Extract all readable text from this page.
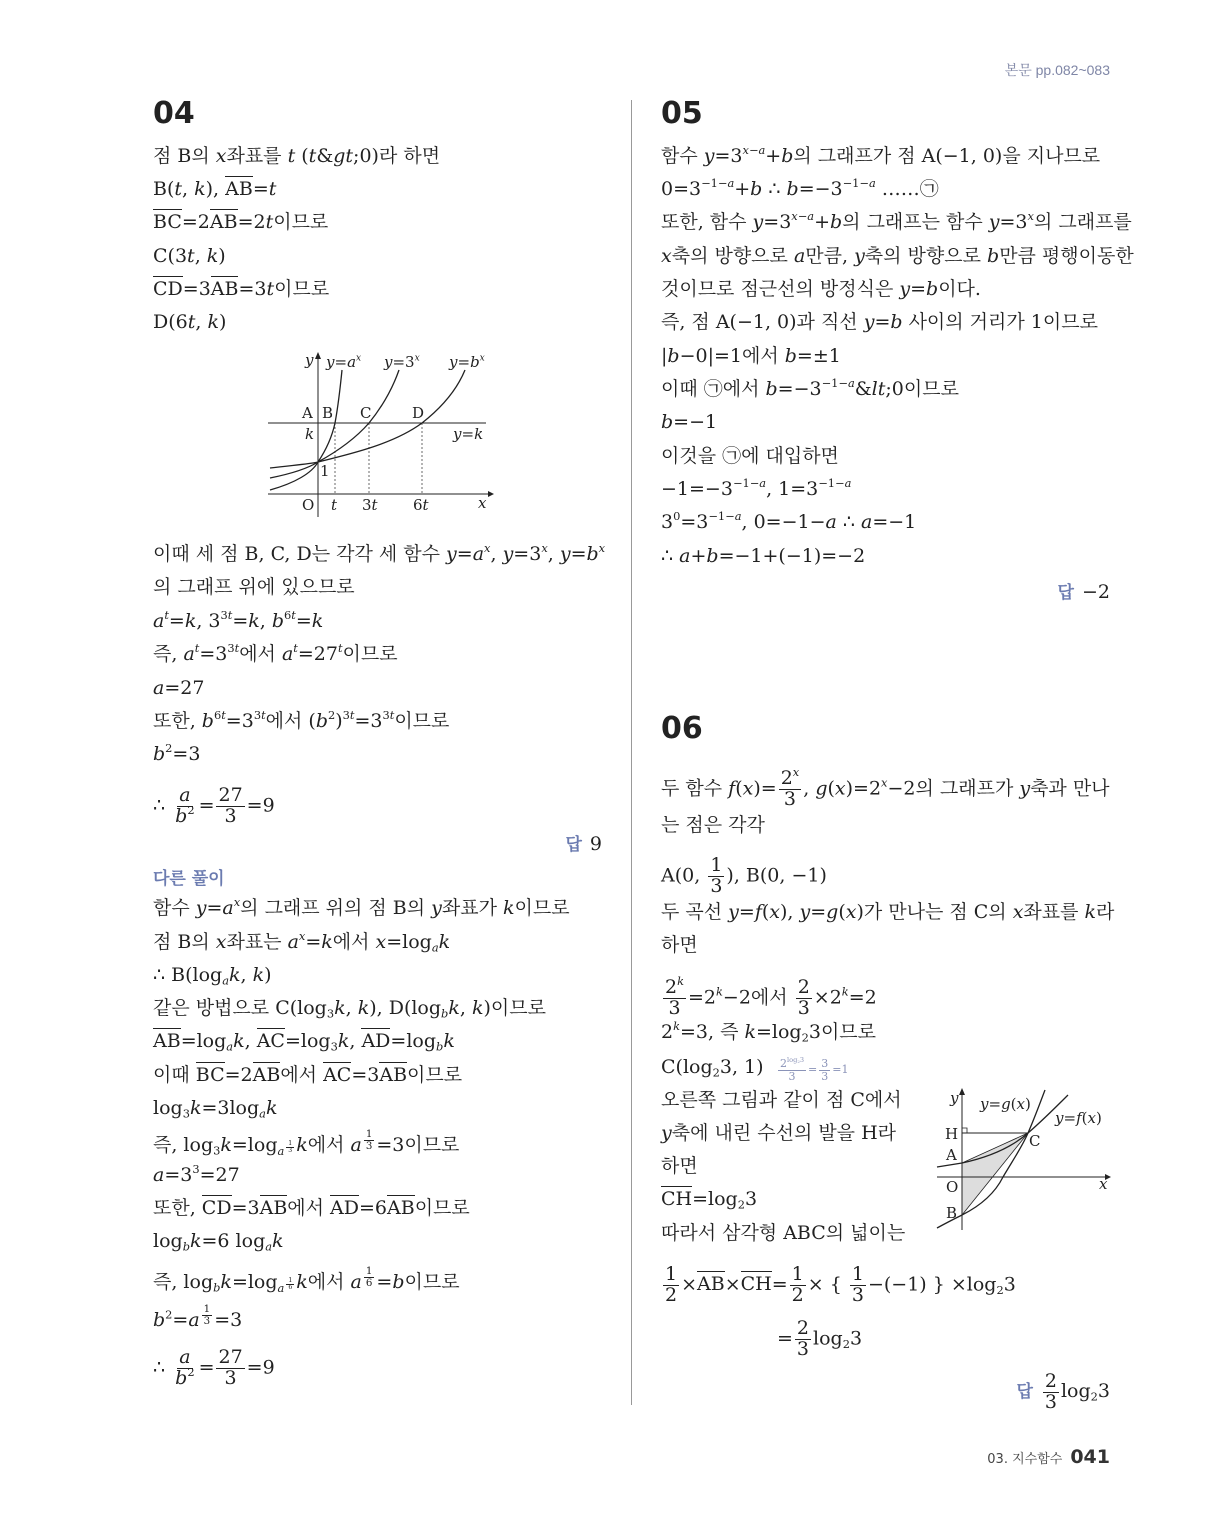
본문 pp.082~083
04
점 B의 x좌표를 t (t&gt;0)라 하면
B(t, k), AB=t
BC=2AB=2t이므로
C(3t, k)
CD=3AB=3t이므로
D(6t, k)
y $y=a^x$ $y=3^x$ $y=b^x$
A B C	D
k	y=k
1
O t 3t 6t	x
이때 세 점 B, C, D는 각각 세 함수 $y=a^x$, $y=3^x$, $y=b^x$
의 그래프 위에 있으므로
$a^t=k$, $3^{3t}=k$, $b^{6t}=k$
즉, $a^t=3^{3t}$에서 $a^t=27^t$이므로
a=27
또한, $b^{6t}=3^{3t}$에서 $(b^2)^{3t}=3^{3t}$이므로
$b^2=3$
∴ $\frac{a}{b^2} = \frac{27}{3} =9$
답 9
다른 풀이
함수 $y=a^x$의 그래프 위의 점 B의 y좌표가 k이므로
점 B의 x좌표는 $a^x=k$에서 $x=\log_ak$
∴ $B(\log_ak$, k)
같은 방법으로 $C(\log_3k$, k), $D(\log_bk$, k)이므로
$AB=\log_ak$, $AC=\log_3k$, $AD=\log_bk$
이때 BC=2AB에서 AC=3AB이므로
$\log_3k=3\log_ak$
즉, $\log_3k=\log_{a ^{\frac{1}{3}}}$ k에서 a $^{\frac{1}{3}}$ =3이므로
$a=3^3=27$
또한, CD=3AB에서 AD=6AB이므로
$\log_bk=6$ $\log_ak$
즉, $\log_bk=\log_{a ^{\frac{1}{6}}}$ k에서 a $^{\frac{1}{6}}$ =b이므로
$b^2=a$ $^{\frac{1}{3}}$ =3
∴ $\frac{a}{b^2} = \frac{27}{3} =9$
05
함수 $y=3^{x-a}+b$의 그래프가 점 A(−1, 0)을 지나므로
$0=3^{-1-a}+b$ ∴ $b=-3^{-1-a}$ ……㉠
또한, 함수 $y=3^{x-a}+b$의 그래프는 함수 $y=3^x$의 그래프를
x축의 방향으로 a만큼, y축의 방향으로 b만큼 평행이동한
것이므로 점근선의 방정식은 y=b이다.
즉, 점 A(−1, 0)과 직선 y=b 사이의 거리가 1이므로
|b−0|=1에서 b=±1
이때 ㉠에서 $b=-3^{-1-a}\&lt;0$이므로
b=−1
이것을 ㉠에 대입하면
$-1=-3^{-1-a}$, $1=3^{-1-a}$
$3^0=3^{-1-a}$, 0=−1−a ∴ a=−1
∴ a+b=−1+(−1)=−2
답 −2
06
두 함수 $f(x)= \frac{2^x}{3}$ , $g(x)=2^x-2$의 그래프가 y축과 만나
는 점은 각각
A(0, $\frac{1}{3}$ ), B(0, −1)
두 곡선 y=f(x), y=g(x)가 만나는 점 C의 x좌표를 k라
하면
$\frac{2^k}{3} =2^k-2$에서 $\frac{2}{3} \times 2^k=2$
$2^k=3$, 즉 $k=\log_23$이므로
$C(\log_23$, $1) \frac{2^{log_23}}{3} = \frac{3}{3} =1$
오른쪽 그림과 같이 점 C에서
y축에 내린 수선의 발을 H라
하면
$CH=\log_23$
따라서 삼각형 ABC의 넓이는
$\frac{1}{2} \times AB\times CH= \frac{1}{2}$ × { $\frac{1}{3} -(-1)$ } $\times\log_23$
= $\frac{2}{3} \log_23$
y y=g(x)
y=f(x)
H	C
A
O	x
B
답 $\frac{2}{3} \log_23$
03. 지수함수 041
